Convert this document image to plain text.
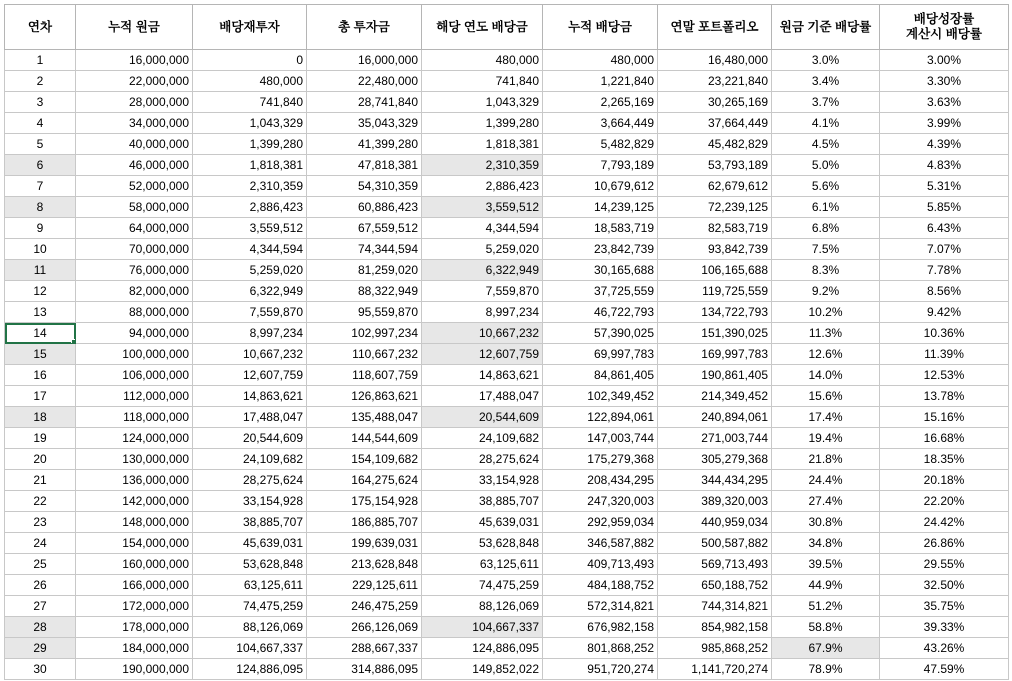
연차	누적 원금	배당재투자	총 투자금	해당 연도 배당금	누적 배당금	연말 포트폴리오	원금 기준 배당률	배당성장률
계산시 배당률
1	16,000,000	0	16,000,000	480,000	480,000	16,480,000	3.0%	3.00%
2	22,000,000	480,000	22,480,000	741,840	1,221,840	23,221,840	3.4%	3.30%
3	28,000,000	741,840	28,741,840	1,043,329	2,265,169	30,265,169	3.7%	3.63%
4	34,000,000	1,043,329	35,043,329	1,399,280	3,664,449	37,664,449	4.1%	3.99%
5	40,000,000	1,399,280	41,399,280	1,818,381	5,482,829	45,482,829	4.5%	4.39%
6	46,000,000	1,818,381	47,818,381	2,310,359	7,793,189	53,793,189	5.0%	4.83%
7	52,000,000	2,310,359	54,310,359	2,886,423	10,679,612	62,679,612	5.6%	5.31%
8	58,000,000	2,886,423	60,886,423	3,559,512	14,239,125	72,239,125	6.1%	5.85%
9	64,000,000	3,559,512	67,559,512	4,344,594	18,583,719	82,583,719	6.8%	6.43%
10	70,000,000	4,344,594	74,344,594	5,259,020	23,842,739	93,842,739	7.5%	7.07%
11	76,000,000	5,259,020	81,259,020	6,322,949	30,165,688	106,165,688	8.3%	7.78%
12	82,000,000	6,322,949	88,322,949	7,559,870	37,725,559	119,725,559	9.2%	8.56%
13	88,000,000	7,559,870	95,559,870	8,997,234	46,722,793	134,722,793	10.2%	9.42%
14	94,000,000	8,997,234	102,997,234	10,667,232	57,390,025	151,390,025	11.3%	10.36%
15	100,000,000	10,667,232	110,667,232	12,607,759	69,997,783	169,997,783	12.6%	11.39%
16	106,000,000	12,607,759	118,607,759	14,863,621	84,861,405	190,861,405	14.0%	12.53%
17	112,000,000	14,863,621	126,863,621	17,488,047	102,349,452	214,349,452	15.6%	13.78%
18	118,000,000	17,488,047	135,488,047	20,544,609	122,894,061	240,894,061	17.4%	15.16%
19	124,000,000	20,544,609	144,544,609	24,109,682	147,003,744	271,003,744	19.4%	16.68%
20	130,000,000	24,109,682	154,109,682	28,275,624	175,279,368	305,279,368	21.8%	18.35%
21	136,000,000	28,275,624	164,275,624	33,154,928	208,434,295	344,434,295	24.4%	20.18%
22	142,000,000	33,154,928	175,154,928	38,885,707	247,320,003	389,320,003	27.4%	22.20%
23	148,000,000	38,885,707	186,885,707	45,639,031	292,959,034	440,959,034	30.8%	24.42%
24	154,000,000	45,639,031	199,639,031	53,628,848	346,587,882	500,587,882	34.8%	26.86%
25	160,000,000	53,628,848	213,628,848	63,125,611	409,713,493	569,713,493	39.5%	29.55%
26	166,000,000	63,125,611	229,125,611	74,475,259	484,188,752	650,188,752	44.9%	32.50%
27	172,000,000	74,475,259	246,475,259	88,126,069	572,314,821	744,314,821	51.2%	35.75%
28	178,000,000	88,126,069	266,126,069	104,667,337	676,982,158	854,982,158	58.8%	39.33%
29	184,000,000	104,667,337	288,667,337	124,886,095	801,868,252	985,868,252	67.9%	43.26%
30	190,000,000	124,886,095	314,886,095	149,852,022	951,720,274	1,141,720,274	78.9%	47.59%
